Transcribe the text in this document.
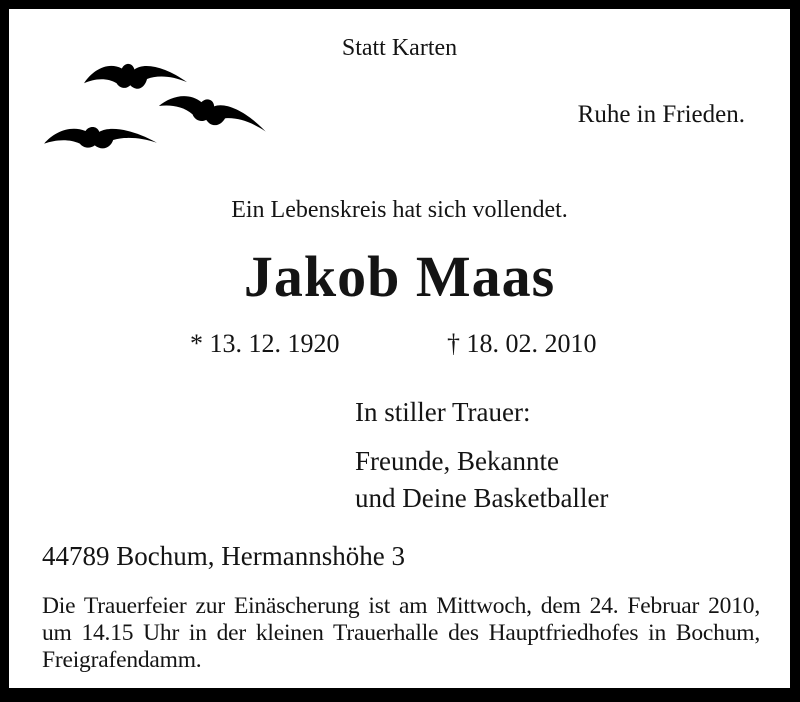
Statt Karten
Ruhe in Frieden.
Ein Lebenskreis hat sich vollendet.
Jakob Maas
* 13. 12. 1920	† 18. 02. 2010
In stiller Trauer:
Freunde, Bekannte
und Deine Basketballer
44789 Bochum, Hermannshöhe 3

Die Trauerfeier zur Einäscherung ist am Mittwoch, dem 24. Februar 2010, um 14.15 Uhr in der kleinen Trauerhalle des Hauptfriedhofes in Bochum, Freigrafendamm.
